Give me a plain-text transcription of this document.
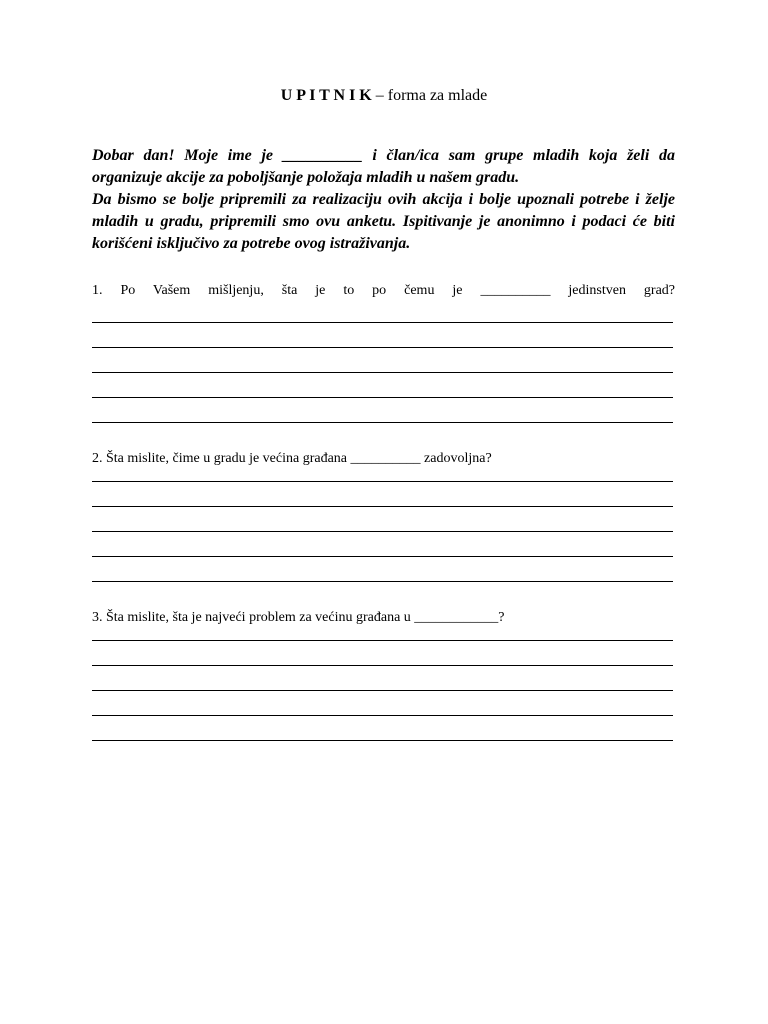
U P I T N I K – forma za mlade

Dobar dan! Moje ime je __________ i član/ica sam grupe mladih koja želi da organizuje akcije za poboljšanje položaja mladih u našem gradu.

Da bismo se bolje pripremili za realizaciju ovih akcija i bolje upoznali potrebe i želje mladih u gradu, pripremili smo ovu anketu. Ispitivanje je anonimno i podaci će biti korišćeni isključivo za potrebe ovog istraživanja.

1. Po Vašem mišljenju, šta je to po čemu je __________ jedinstven grad?
2. Šta mislite, čime u gradu je većina građana __________ zadovoljna?
3. Šta mislite, šta je najveći problem za većinu građana u ____________?
